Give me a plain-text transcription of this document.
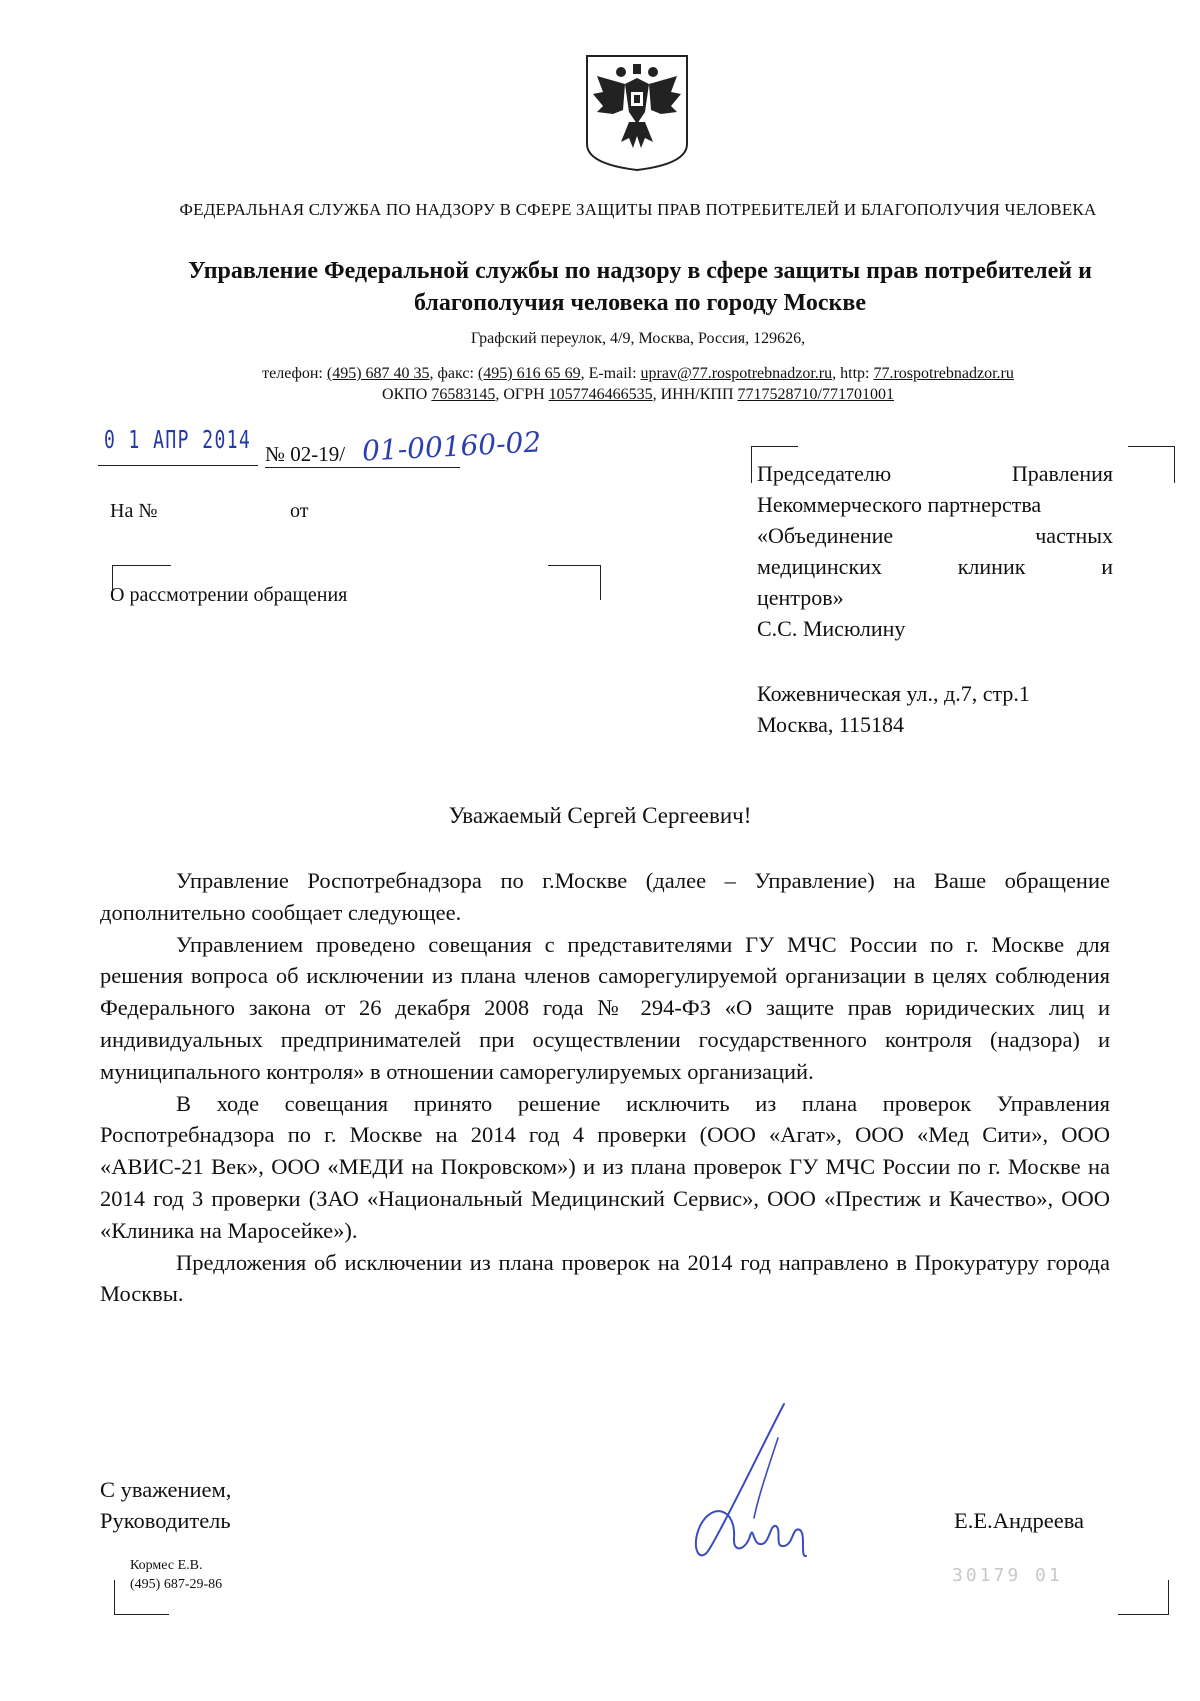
ФЕДЕРАЛЬНАЯ СЛУЖБА ПО НАДЗОРУ В СФЕРЕ ЗАЩИТЫ ПРАВ ПОТРЕБИТЕЛЕЙ И БЛАГОПОЛУЧИЯ ЧЕЛОВЕКА
Управление Федеральной службы по надзору в сфере защиты прав потребителей и
благополучия человека по городу Москве
Графский переулок, 4/9, Москва, Россия, 129626,
телефон: (495) 687 40 35, факс: (495) 616 65 69, E-mail: uprav@77.rospotrebnadzor.ru, http: 77.rospotrebnadzor.ru
ОКПО 76583145, ОГРН 1057746466535, ИНН/КПП 7717528710/771701001
0 1 АПР 2014 № 02-19/ 01-00160-02
На №	от
О рассмотрении обращения
Председателю	Правления
Некоммерческого партнерства
«Объединение	частных
медицинских	клиник	и
центров»
С.С. Мисюлину
Кожевническая ул., д.7, стр.1
Москва, 115184
Уважаемый Сергей Сергеевич!

Управление Роспотребнадзора по г.Москве (далее – Управление) на Ваше обращение дополнительно сообщает следующее.

Управлением проведено совещания с представителями ГУ МЧС России по г. Москве для решения вопроса об исключении из плана членов саморегулируемой организации в целях соблюдения Федерального закона от 26 декабря 2008 года № 294-ФЗ «О защите прав юридических лиц и индивидуальных предпринимателей при осуществлении государственного контроля (надзора) и муниципального контроля» в отношении саморегулируемых организаций.

В ходе совещания принято решение исключить из плана проверок Управления Роспотребнадзора по г. Москве на 2014 год 4 проверки (ООО «Агат», ООО «Мед Сити», ООО «АВИС-21 Век», ООО «МЕДИ на Покровском») и из плана проверок ГУ МЧС России по г. Москве на 2014 год 3 проверки (ЗАО «Национальный Медицинский Сервис», ООО «Престиж и Качество», ООО «Клиника на Маросейке»).

Предложения об исключении из плана проверок на 2014 год направлено в Прокуратуру города Москвы.

С уважением,
Руководитель	Е.Е.Андреева
Кормес Е.В.
(495) 687-29-86	30179 01
